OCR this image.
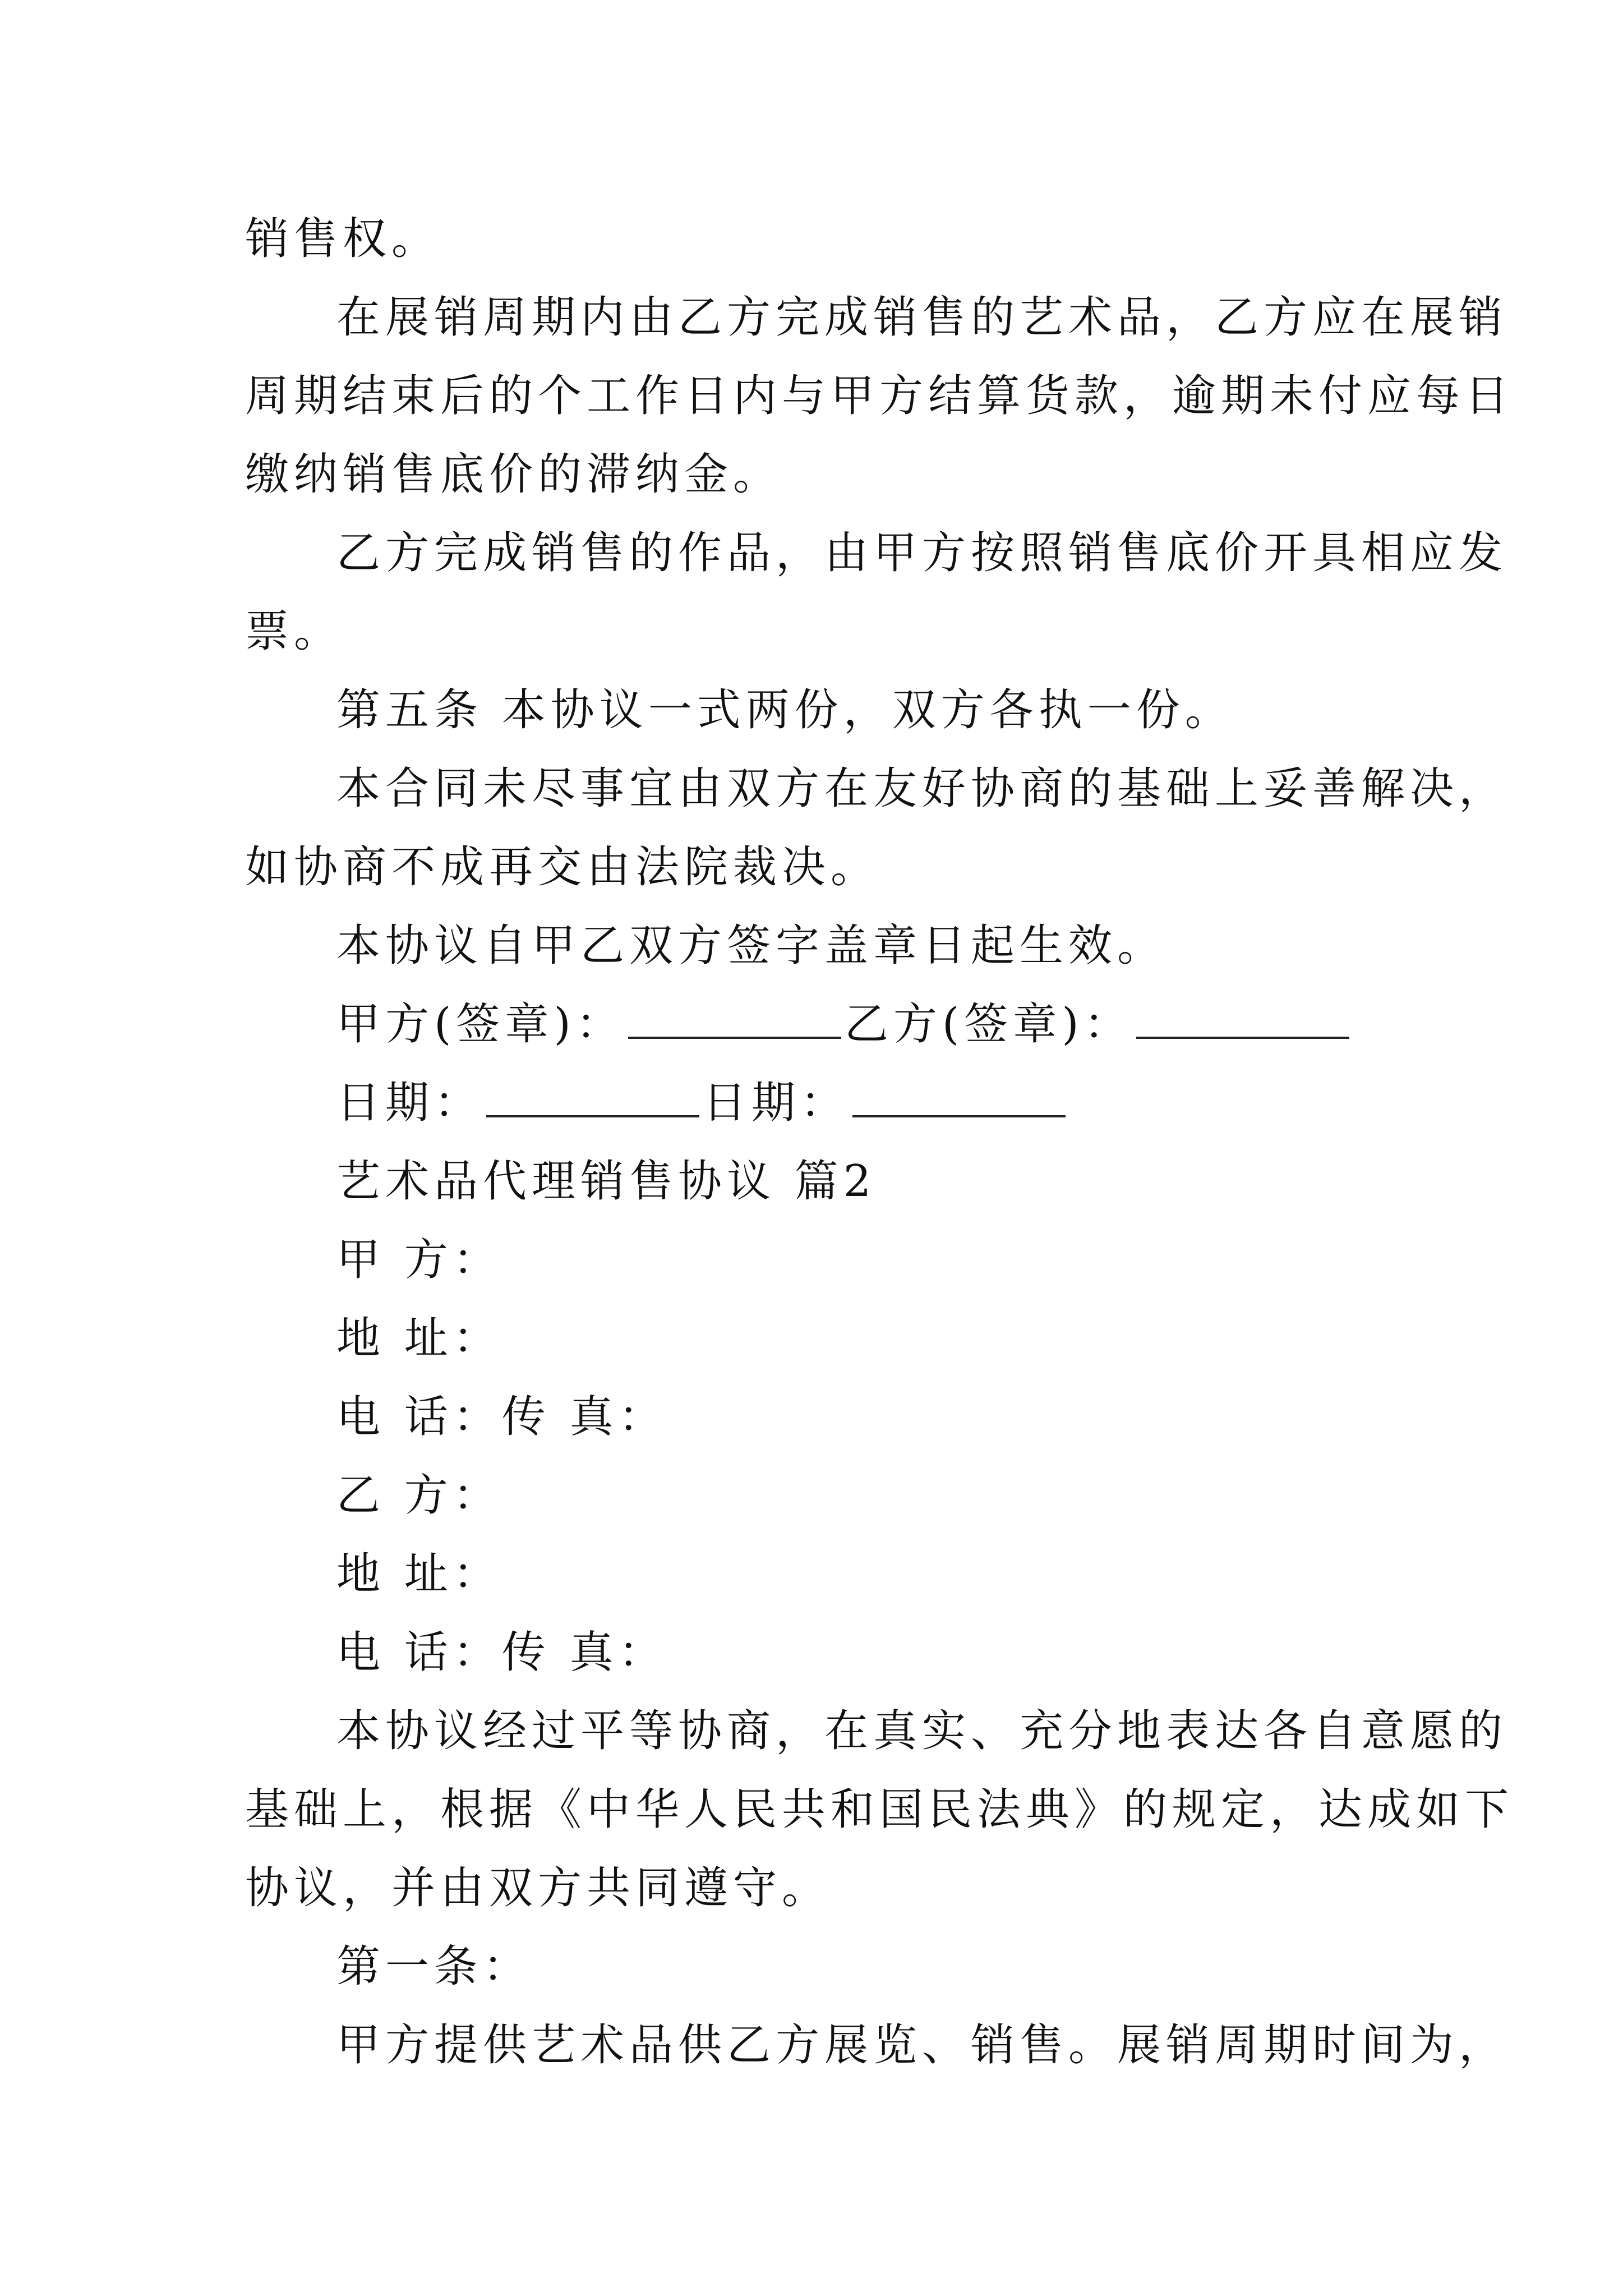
销售权。
在展销周期内由乙方完成销售的艺术品，乙方应在展销
周期结束后的个工作日内与甲方结算货款，逾期未付应每日
缴纳销售底价的滞纳金。
乙方完成销售的作品，由甲方按照销售底价开具相应发
票。
第五条 本协议一式两份，双方各执一份。
本合同未尽事宜由双方在友好协商的基础上妥善解决，
如协商不成再交由法院裁决。
本协议自甲乙双方签字盖章日起生效。
甲方(签章)：	乙方(签章)：
日期：	日期：
艺术品代理销售协议 篇2
甲 方：
地 址：
电 话：传 真：
乙 方：
地 址：
电 话：传 真：
本协议经过平等协商，在真实、充分地表达各自意愿的
基础上，根据《中华人民共和国民法典》的规定，达成如下
协议，并由双方共同遵守。
第一条：
甲方提供艺术品供乙方展览、销售。展销周期时间为，
